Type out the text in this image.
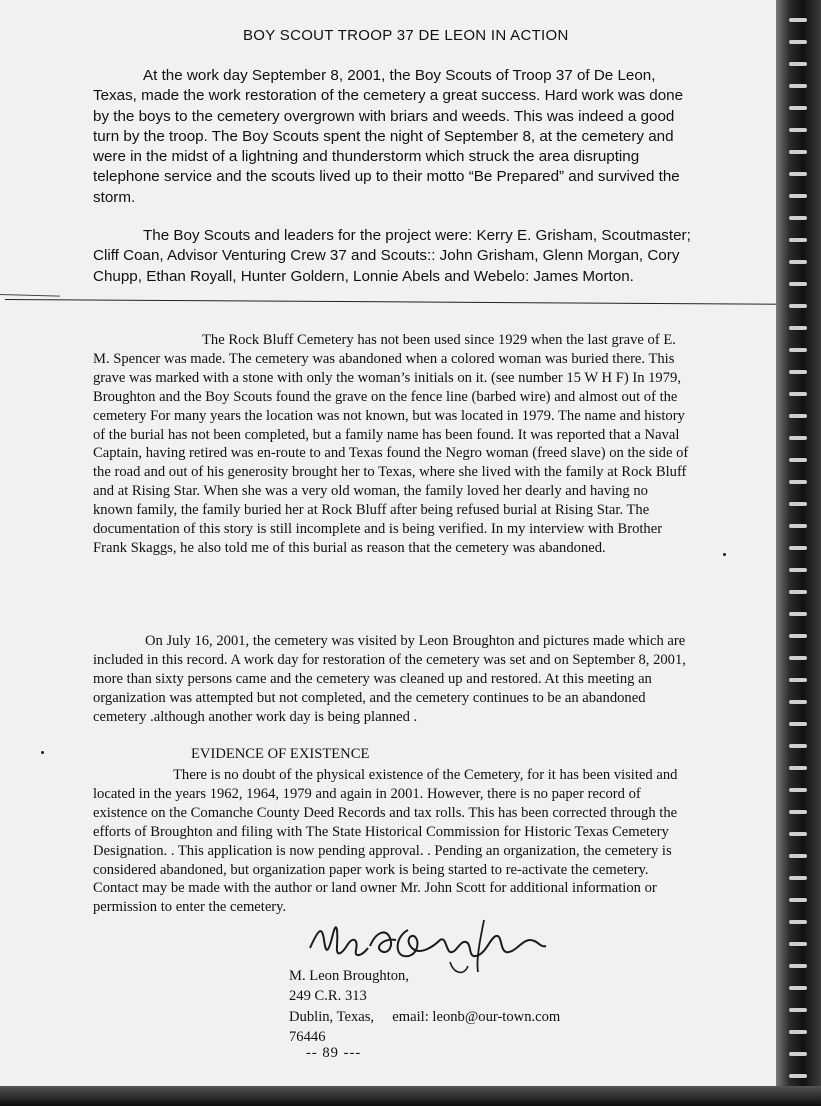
BOY SCOUT TROOP 37 DE LEON IN ACTION

At the work day September 8, 2001, the Boy Scouts of Troop 37 of De Leon, Texas, made the work restoration of the cemetery a great success. Hard work was done by the boys to the cemetery overgrown with briars and weeds. This was indeed a good turn by the troop. The Boy Scouts spent the night of September 8, at the cemetery and were in the midst of a lightning and thunderstorm which struck the area disrupting telephone service and the scouts lived up to their motto “Be Prepared” and survived the storm.

The Boy Scouts and leaders for the project were: Kerry E. Grisham, Scoutmaster; Cliff Coan, Advisor Venturing Crew 37 and Scouts:: John Grisham, Glenn Morgan, Cory Chupp, Ethan Royall, Hunter Goldern, Lonnie Abels and Webelo: James Morton.

The Rock Bluff Cemetery has not been used since 1929 when the last grave of E. M. Spencer was made. The cemetery was abandoned when a colored woman was buried there. This grave was marked with a stone with only the woman’s initials on it. (see number 15 W H F) In 1979, Broughton and the Boy Scouts found the grave on the fence line (barbed wire) and almost out of the cemetery For many years the location was not known, but was located in 1979. The name and history of the burial has not been completed, but a family name has been found. It was reported that a Naval Captain, having retired was en-route to and Texas found the Negro woman (freed slave) on the side of the road and out of his generosity brought her to Texas, where she lived with the family at Rock Bluff and at Rising Star. When she was a very old woman, the family loved her dearly and having no known family, the family buried her at Rock Bluff after being refused burial at Rising Star. The documentation of this story is still incomplete and is being verified. In my interview with Brother Frank Skaggs, he also told me of this burial as reason that the cemetery was abandoned.

On July 16, 2001, the cemetery was visited by Leon Broughton and pictures made which are included in this record. A work day for restoration of the cemetery was set and on September 8, 2001, more than sixty persons came and the cemetery was cleaned up and restored. At this meeting an organization was attempted but not completed, and the cemetery continues to be an abandoned cemetery .although another work day is being planned .

EVIDENCE OF EXISTENCE

There is no doubt of the physical existence of the Cemetery, for it has been visited and located in the years 1962, 1964, 1979 and again in 2001. However, there is no paper record of existence on the Comanche County Deed Records and tax rolls. This has been corrected through the efforts of Broughton and filing with The State Historical Commission for Historic Texas Cemetery Designation. . This application is now pending approval. . Pending an organization, the cemetery is considered abandoned, but organization paper work is being started to re-activate the cemetery. Contact may be made with the author or land owner Mr. John Scott for additional information or permission to enter the cemetery.

M. Leon Broughton,
249 C.R. 313
Dublin, Texas, email: leonb@our-town.com
76446
-- 89 ---
